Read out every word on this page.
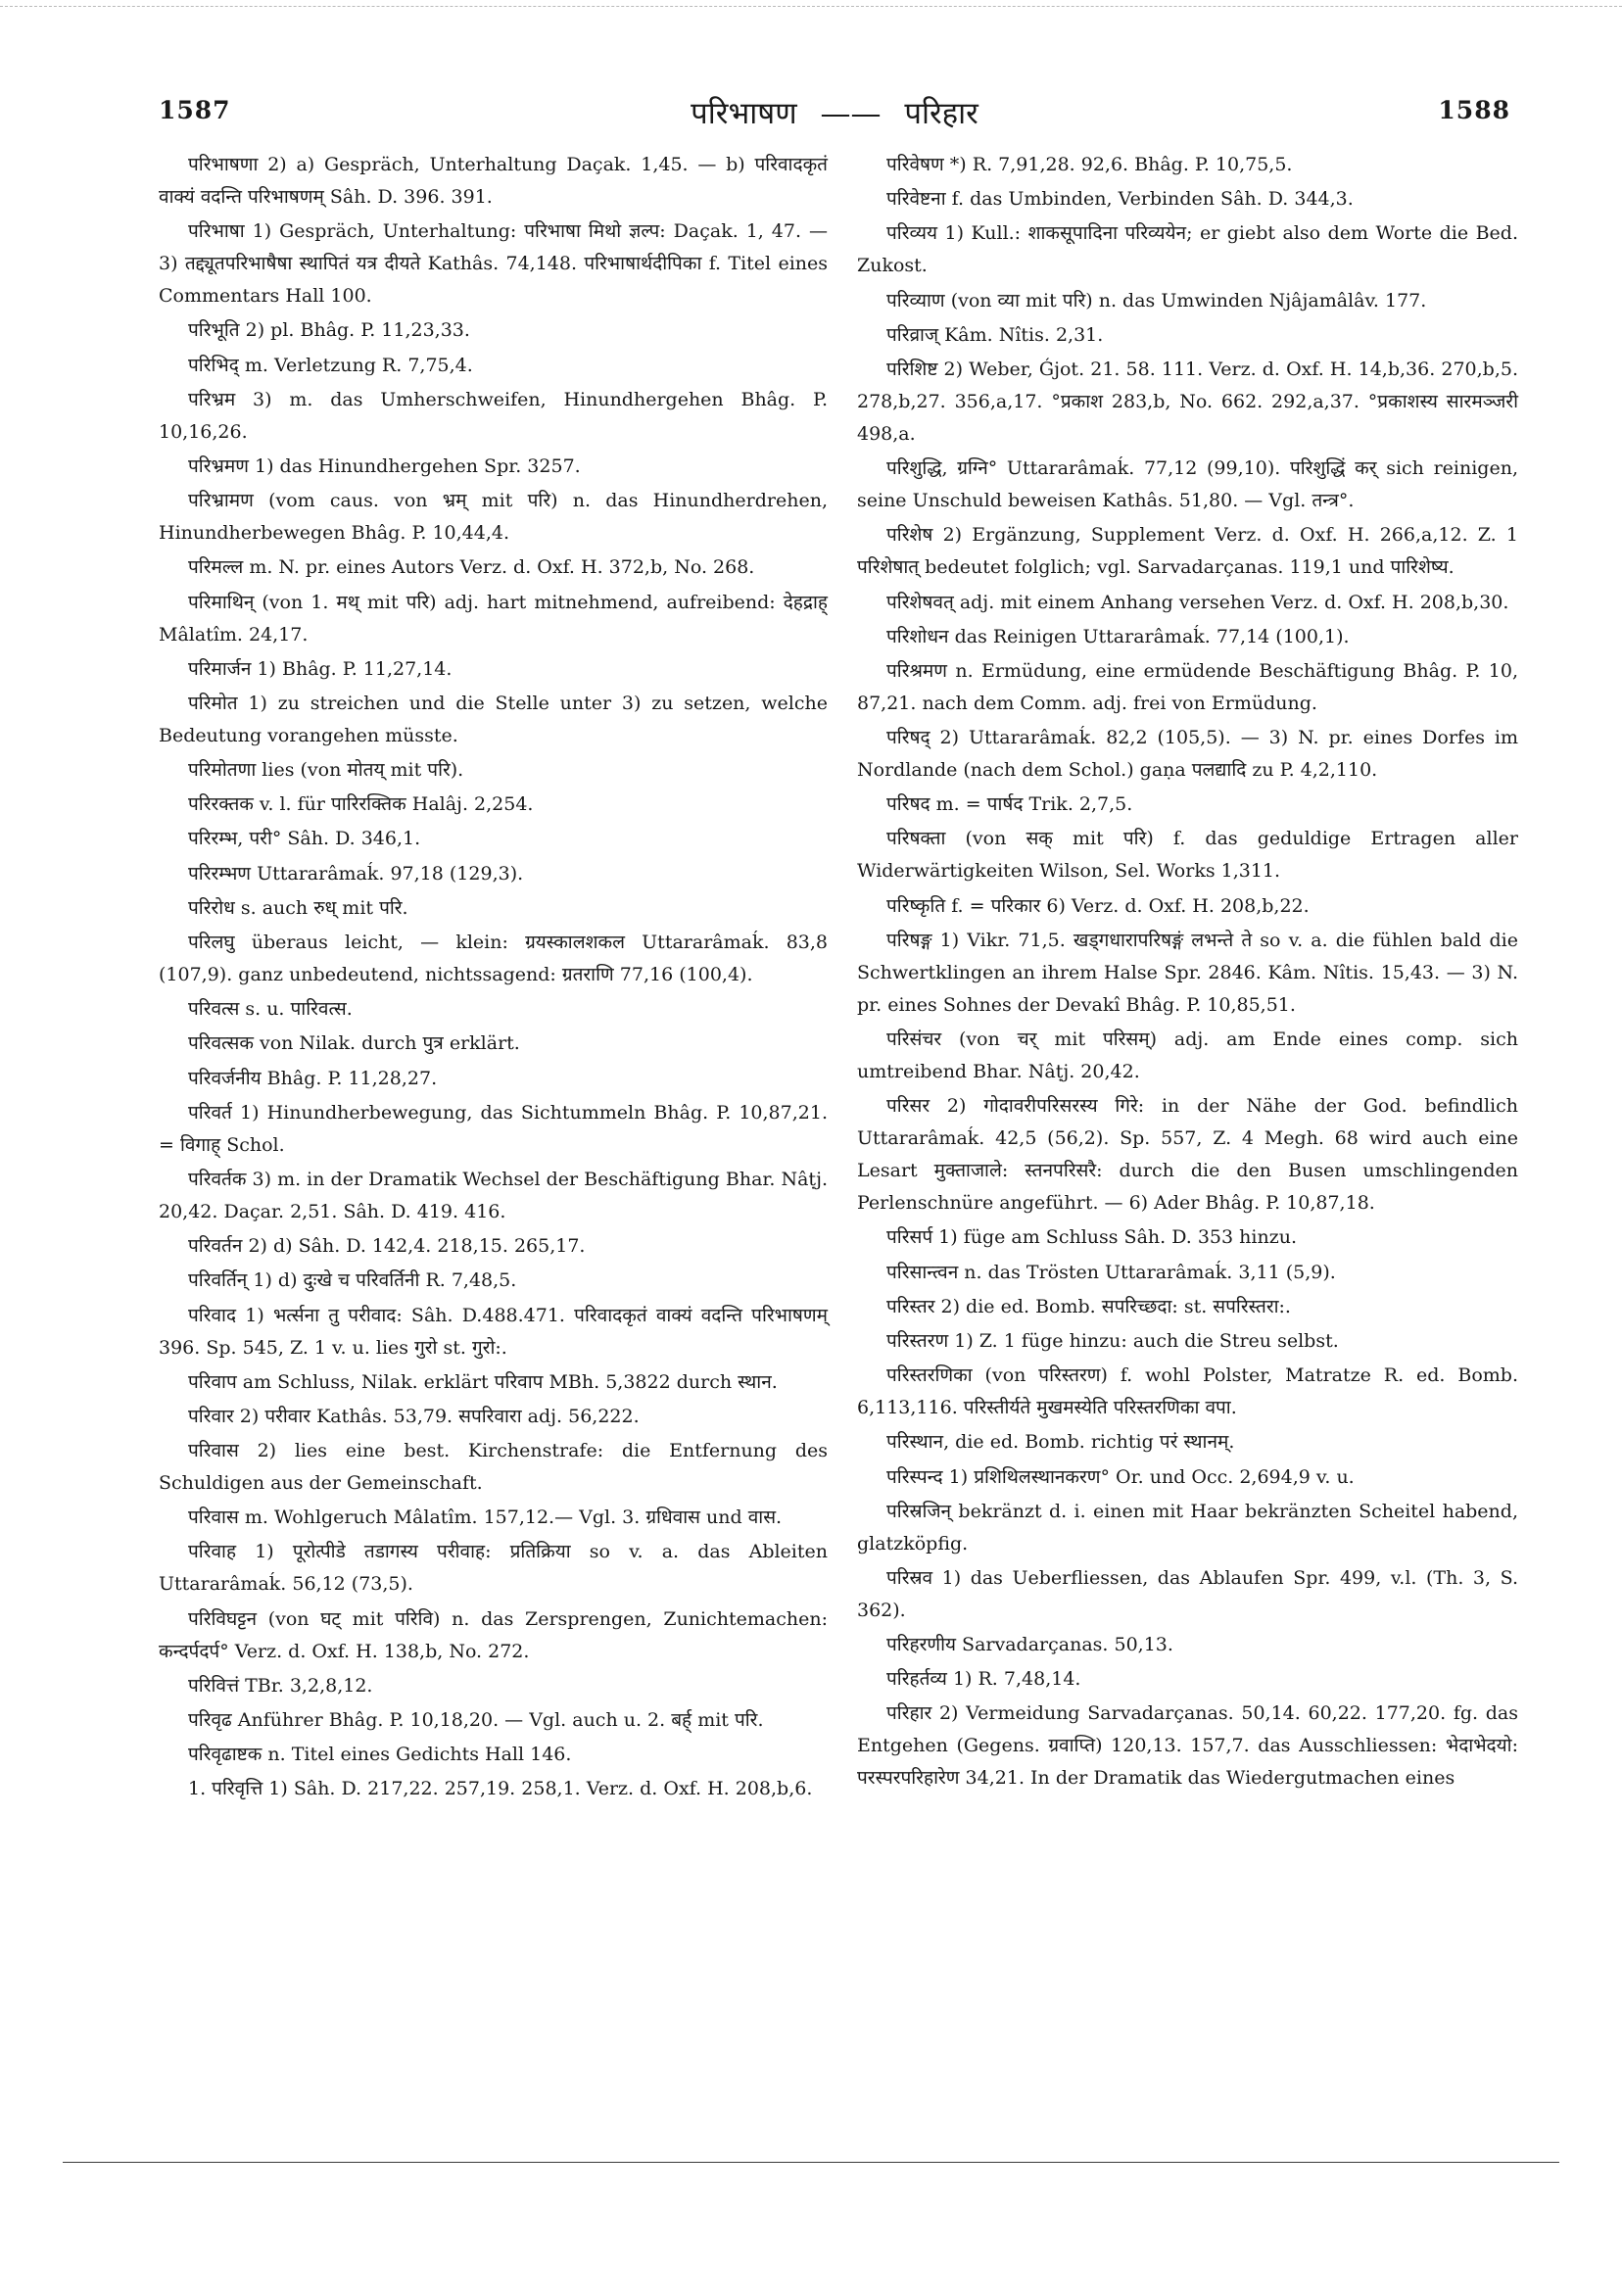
1587	परिभाषण —— परिहार	1588

परिभाषणा 2) a) Gespräch, Unterhaltung Daçak. 1,45. — b) परिवादकृतं वाक्यं वदन्ति परिभाषणम् Sâh. D. 396. 391.

परिभाषा 1) Gespräch, Unterhaltung: परिभाषा मिथो ज्ञल्प: Daçak. 1, 47. — 3) तद्द्यूतपरिभाषैषा स्थापितं यत्र दीयते Kathâs. 74,148. परिभाषार्थदीपिका f. Titel eines Commentars Hall 100.

परिभूति 2) pl. Bhâg. P. 11,23,33.

परिभिद् m. Verletzung R. 7,75,4.

परिभ्रम 3) m. das Umherschweifen, Hinundhergehen Bhâg. P. 10,16,26.

परिभ्रमण 1) das Hinundhergehen Spr. 3257.

परिभ्रामण (vom caus. von भ्रम् mit परि) n. das Hinundherdrehen, Hinundherbewegen Bhâg. P. 10,44,4.

परिमल्ल m. N. pr. eines Autors Verz. d. Oxf. H. 372,b, No. 268.

परिमाथिन् (von 1. मथ् mit परि) adj. hart mitnehmend, aufreibend: देहद्राह् Mâlatîm. 24,17.

परिमार्जन 1) Bhâg. P. 11,27,14.

परिमोत 1) zu streichen und die Stelle unter 3) zu setzen, welche Bedeutung vorangehen müsste.

परिमोतणा lies (von मोतय् mit परि).

परिरक्तक v. l. für पारिरक्तिक Halâj. 2,254.

परिरम्भ, परी° Sâh. D. 346,1.

परिरम्भण Uttararâmaḱ. 97,18 (129,3).

परिरोध s. auch रुध् mit परि.

परिलघु überaus leicht, — klein: ग्रयस्कालशकल Uttararâmaḱ. 83,8 (107,9). ganz unbedeutend, nichtssagend: ग्रतराणि 77,16 (100,4).

परिवत्स s. u. पारिवत्स.

परिवत्सक von Nilak. durch पुत्र erklärt.

परिवर्जनीय Bhâg. P. 11,28,27.

परिवर्त 1) Hinundherbewegung, das Sichtummeln Bhâg. P. 10,87,21. = विगाह् Schol.

परिवर्तक 3) m. in der Dramatik Wechsel der Beschäftigung Bhar. Nâṭj. 20,42. Daçar. 2,51. Sâh. D. 419. 416.

परिवर्तन 2) d) Sâh. D. 142,4. 218,15. 265,17.

परिवर्तिन् 1) d) दुःखे च परिवर्तिनी R. 7,48,5.

परिवाद 1) भर्त्सना तु परीवाद: Sâh. D.488.471. परिवादकृतं वाक्यं वदन्ति परिभाषणम् 396. Sp. 545, Z. 1 v. u. lies गुरो st. गुरो:.

परिवाप am Schluss, Nilak. erklärt परिवाप MBh. 5,3822 durch स्थान.

परिवार 2) परीवार Kathâs. 53,79. सपरिवारा adj. 56,222.

परिवास 2) lies eine best. Kirchenstrafe: die Entfernung des Schuldigen aus der Gemeinschaft.

परिवास m. Wohlgeruch Mâlatîm. 157,12.— Vgl. 3. ग्रधिवास und वास.

परिवाह 1) पूरोत्पीडे तडागस्य परीवाह: प्रतिक्रिया so v. a. das Ableiten Uttararâmaḱ. 56,12 (73,5).

परिविघट्टन (von घट् mit परिवि) n. das Zersprengen, Zunichtemachen: कन्दर्पदर्प° Verz. d. Oxf. H. 138,b, No. 272.

परिवित्तं TBr. 3,2,8,12.

परिवृढ Anführer Bhâg. P. 10,18,20. — Vgl. auch u. 2. बर्ह् mit परि.

परिवृढाष्टक n. Titel eines Gedichts Hall 146.

1. परिवृत्ति 1) Sâh. D. 217,22. 257,19. 258,1. Verz. d. Oxf. H. 208,b,6.

परिवेषण *) R. 7,91,28. 92,6. Bhâg. P. 10,75,5.

परिवेष्टना f. das Umbinden, Verbinden Sâh. D. 344,3.

परिव्यय 1) Kull.: शाकसूपादिना परिव्ययेन; er giebt also dem Worte die Bed. Zukost.

परिव्याण (von व्या mit परि) n. das Umwinden Njâjamâlâv. 177.

परिव्राज् Kâm. Nîtis. 2,31.

परिशिष्ट 2) Weber, Ǵjot. 21. 58. 111. Verz. d. Oxf. H. 14,b,36. 270,b,5. 278,b,27. 356,a,17. °प्रकाश 283,b, No. 662. 292,a,37. °प्रकाशस्य सारमञ्जरी 498,a.

परिशुद्धि, ग्रग्नि° Uttararâmaḱ. 77,12 (99,10). परिशुद्धिं कर् sich reinigen, seine Unschuld beweisen Kathâs. 51,80. — Vgl. तन्त्र°.

परिशेष 2) Ergänzung, Supplement Verz. d. Oxf. H. 266,a,12. Z. 1 परिशेषात् bedeutet folglich; vgl. Sarvadarçanas. 119,1 und पारिशेष्य.

परिशेषवत् adj. mit einem Anhang versehen Verz. d. Oxf. H. 208,b,30.

परिशोधन das Reinigen Uttararâmaḱ. 77,14 (100,1).

परिश्रमण n. Ermüdung, eine ermüdende Beschäftigung Bhâg. P. 10, 87,21. nach dem Comm. adj. frei von Ermüdung.

परिषद् 2) Uttararâmaḱ. 82,2 (105,5). — 3) N. pr. eines Dorfes im Nordlande (nach dem Schol.) gaṇa पलद्यादि zu P. 4,2,110.

परिषद m. = पार्षद Trik. 2,7,5.

परिषक्ता (von सक् mit परि) f. das geduldige Ertragen aller Widerwärtigkeiten Wilson, Sel. Works 1,311.

परिष्कृति f. = परिकार 6) Verz. d. Oxf. H. 208,b,22.

परिषङ्ग 1) Vikr. 71,5. खड्गधारापरिषङ्गं लभन्ते ते so v. a. die fühlen bald die Schwertklingen an ihrem Halse Spr. 2846. Kâm. Nîtis. 15,43. — 3) N. pr. eines Sohnes der Devakî Bhâg. P. 10,85,51.

परिसंचर (von चर् mit परिसम्) adj. am Ende eines comp. sich umtreibend Bhar. Nâṭj. 20,42.

परिसर 2) गोदावरीपरिसरस्य गिरे: in der Nähe der God. befindlich Uttararâmaḱ. 42,5 (56,2). Sp. 557, Z. 4 Megh. 68 wird auch eine Lesart मुक्ताजाले: स्तनपरिसरै: durch die den Busen umschlingenden Perlenschnüre angeführt. — 6) Ader Bhâg. P. 10,87,18.

परिसर्प 1) füge am Schluss Sâh. D. 353 hinzu.

परिसान्त्वन n. das Trösten Uttararâmaḱ. 3,11 (5,9).

परिस्तर 2) die ed. Bomb. सपरिच्छदा: st. सपरिस्तरा:.

परिस्तरण 1) Z. 1 füge hinzu: auch die Streu selbst.

परिस्तरणिका (von परिस्तरण) f. wohl Polster, Matratze R. ed. Bomb. 6,113,116. परिस्तीर्यते मुखमस्येति परिस्तरणिका वपा.

परिस्थान, die ed. Bomb. richtig परं स्थानम्.

परिस्पन्द 1) प्रशिथिलस्थानकरण° Or. und Occ. 2,694,9 v. u.

परिस्रजिन् bekränzt d. i. einen mit Haar bekränzten Scheitel habend, glatzköpfig.

परिस्रव 1) das Ueberfliessen, das Ablaufen Spr. 499, v.l. (Th. 3, S. 362).

परिहरणीय Sarvadarçanas. 50,13.

परिहर्तव्य 1) R. 7,48,14.

परिहार 2) Vermeidung Sarvadarçanas. 50,14. 60,22. 177,20. fg. das Entgehen (Gegens. ग्रवाप्ति) 120,13. 157,7. das Ausschliessen: भेदाभेदयो: परस्परपरिहारेण 34,21. In der Dramatik das Wiedergutmachen eines
